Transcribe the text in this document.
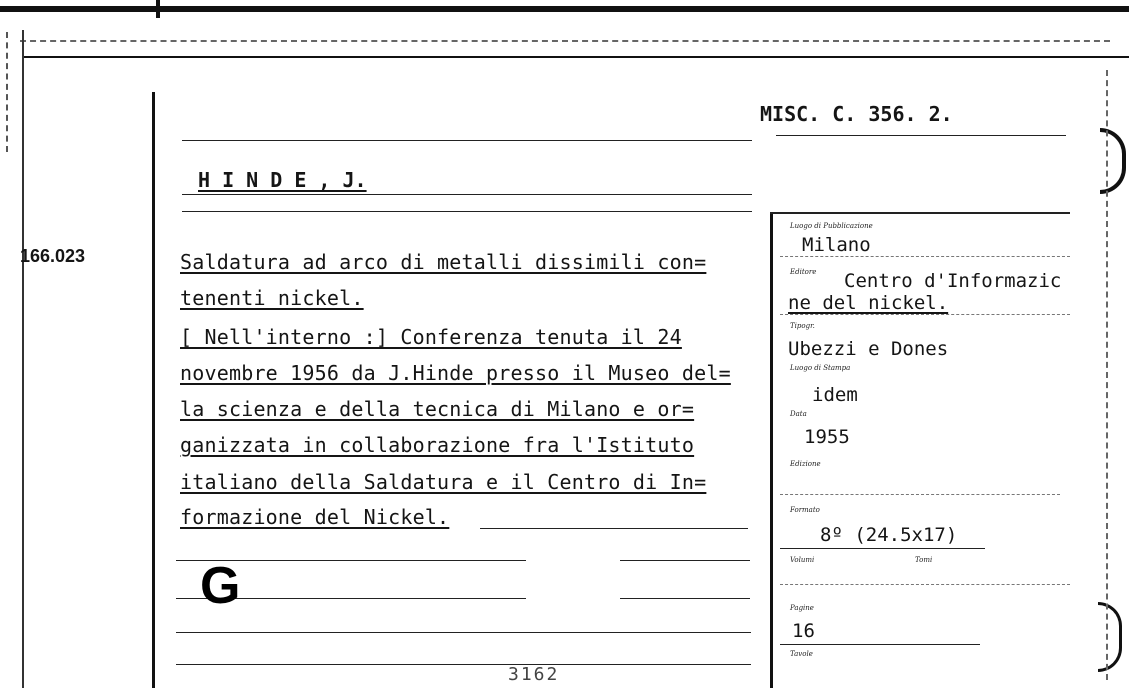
166.023
MISC. C. 356. 2.
H I N D E , J.
Saldatura ad arco di metalli dissimili con=
tenenti nickel.
[ Nell'interno :] Conferenza tenuta il 24
novembre 1956 da J.Hinde presso il Museo del=
la scienza e della tecnica di Milano e or=
ganizzata in collaborazione fra l'Istituto
italiano della Saldatura e il Centro di In=
formazione del Nickel.
G
3162
Luogo di Pubblicazione
Milano
Editore Centro d'Informazic
ne del nickel.
Tipogr.
Ubezzi e Dones
Luogo di Stampa
idem
Data
1955
Edizione
Formato
8º (24.5x17)
Volumi	Tomi
Pagine
16
Tavole
